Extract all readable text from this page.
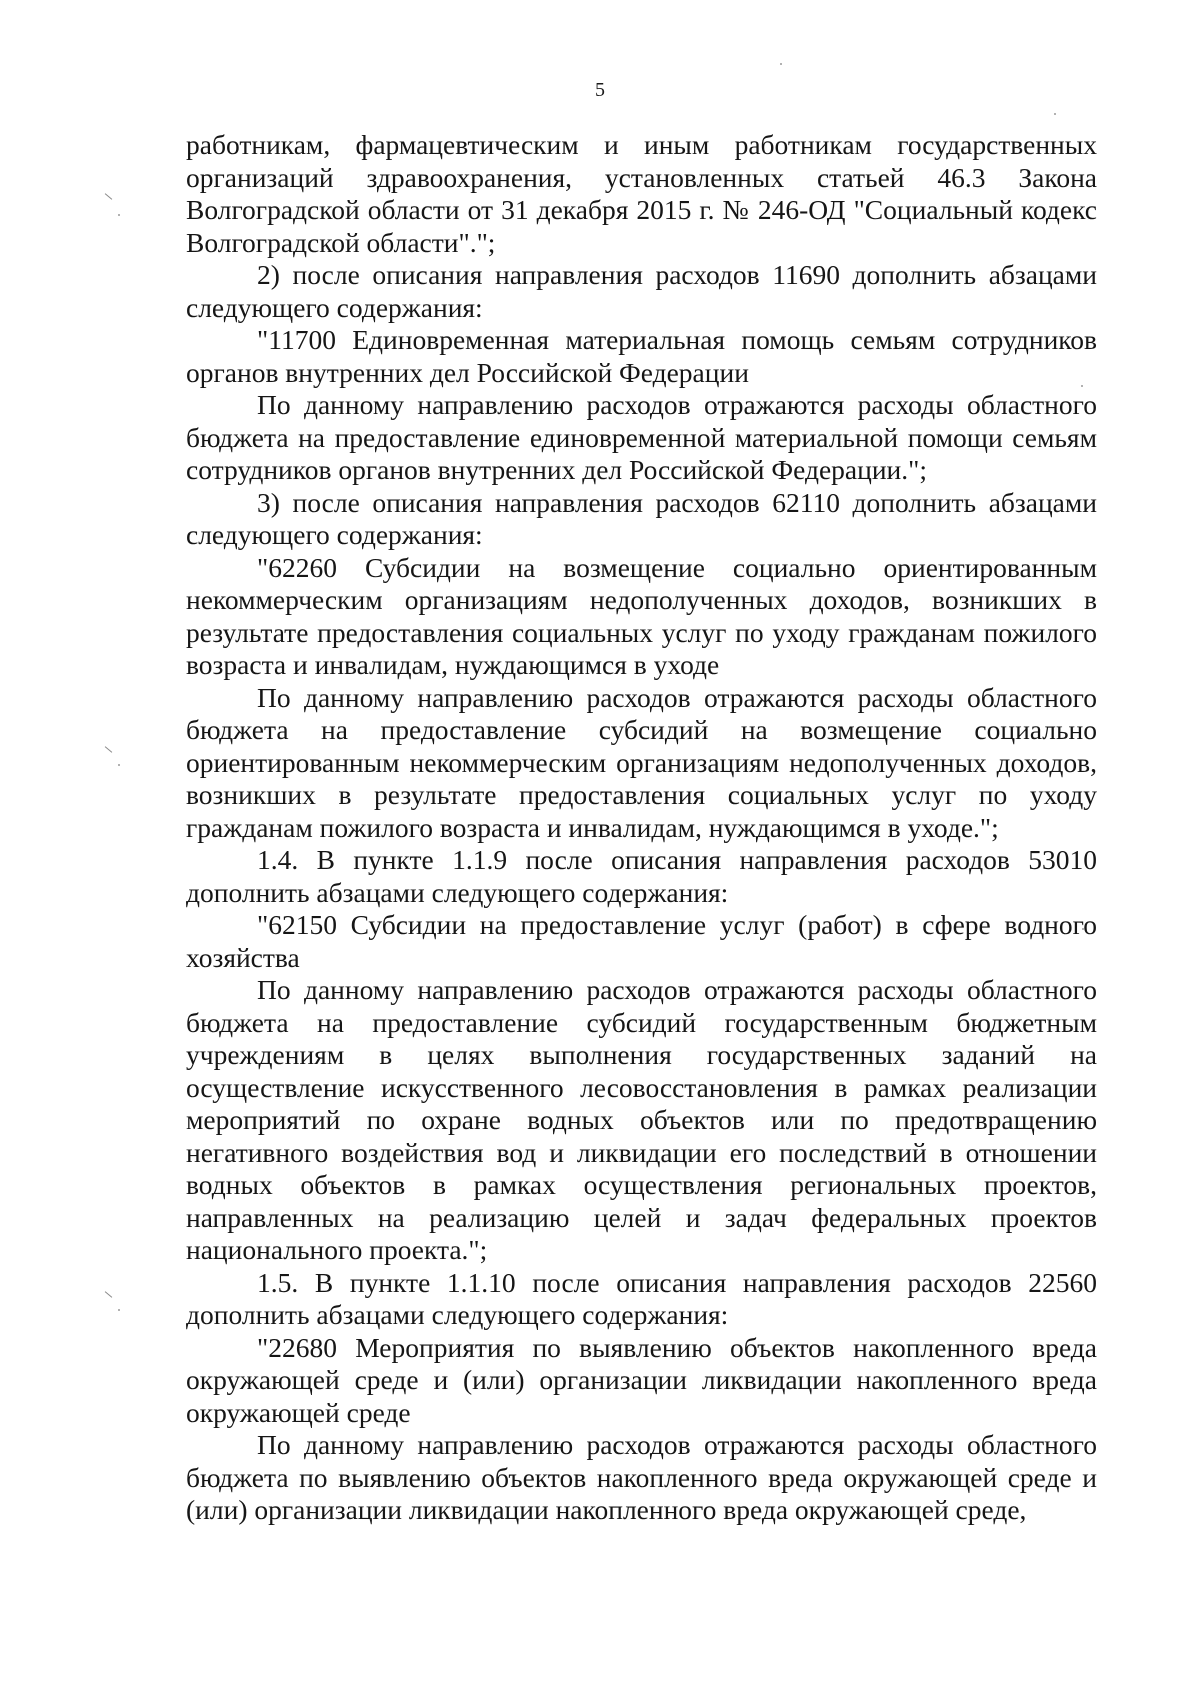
5

работникам, фармацевтическим и иным работникам государственных организаций здравоохранения, установленных статьей 46.3 Закона Волгоградской области от 31 декабря 2015 г. № 246-ОД "Социальный кодекс Волгоградской области".";

2) после описания направления расходов 11690 дополнить абзацами следующего содержания:

"11700 Единовременная материальная помощь семьям сотрудников органов внутренних дел Российской Федерации

По данному направлению расходов отражаются расходы областного бюджета на предоставление единовременной материальной помощи семьям сотрудников органов внутренних дел Российской Федерации.";

3) после описания направления расходов 62110 дополнить абзацами следующего содержания:

"62260 Субсидии на возмещение социально ориентированным некоммерческим организациям недополученных доходов, возникших в результате предоставления социальных услуг по уходу гражданам пожилого возраста и инвалидам, нуждающимся в уходе

По данному направлению расходов отражаются расходы областного бюджета на предоставление субсидий на возмещение социально ориентированным некоммерческим организациям недополученных доходов, возникших в результате предоставления социальных услуг по уходу гражданам пожилого возраста и инвалидам, нуждающимся в уходе.";

1.4. В пункте 1.1.9 после описания направления расходов 53010 дополнить абзацами следующего содержания:

"62150 Субсидии на предоставление услуг (работ) в сфере водного хозяйства

По данному направлению расходов отражаются расходы областного бюджета на предоставление субсидий государственным бюджетным учреждениям в целях выполнения государственных заданий на осуществление искусственного лесовосстановления в рамках реализации мероприятий по охране водных объектов или по предотвращению негативного воздействия вод и ликвидации его последствий в отношении водных объектов в рамках осуществления региональных проектов, направленных на реализацию целей и задач федеральных проектов национального проекта.";

1.5. В пункте 1.1.10 после описания направления расходов 22560 дополнить абзацами следующего содержания:

"22680 Мероприятия по выявлению объектов накопленного вреда окружающей среде и (или) организации ликвидации накопленного вреда окружающей среде

По данному направлению расходов отражаются расходы областного бюджета по выявлению объектов накопленного вреда окружающей среде и (или) организации ликвидации накопленного вреда окружающей среде,
